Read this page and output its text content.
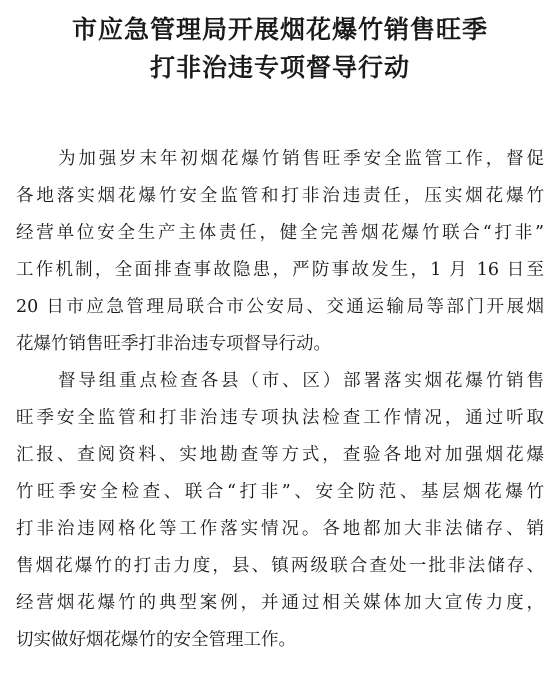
市应急管理局开展烟花爆竹销售旺季
打非治违专项督导行动
为加强岁末年初烟花爆竹销售旺季安全监管工作，督促
各地落实烟花爆竹安全监管和打非治违责任，压实烟花爆竹
经营单位安全生产主体责任，健全完善烟花爆竹联合“打非”
工作机制，全面排查事故隐患，严防事故发生，1 月 16 日至
20 日市应急管理局联合市公安局、交通运输局等部门开展烟
花爆竹销售旺季打非治违专项督导行动。
督导组重点检查各县（市、区）部署落实烟花爆竹销售
旺季安全监管和打非治违专项执法检查工作情况，通过听取
汇报、查阅资料、实地勘查等方式，查验各地对加强烟花爆
竹旺季安全检查、联合“打非”、安全防范、基层烟花爆竹
打非治违网格化等工作落实情况。各地都加大非法储存、销
售烟花爆竹的打击力度，县、镇两级联合查处一批非法储存、
经营烟花爆竹的典型案例，并通过相关媒体加大宣传力度，
切实做好烟花爆竹的安全管理工作。
